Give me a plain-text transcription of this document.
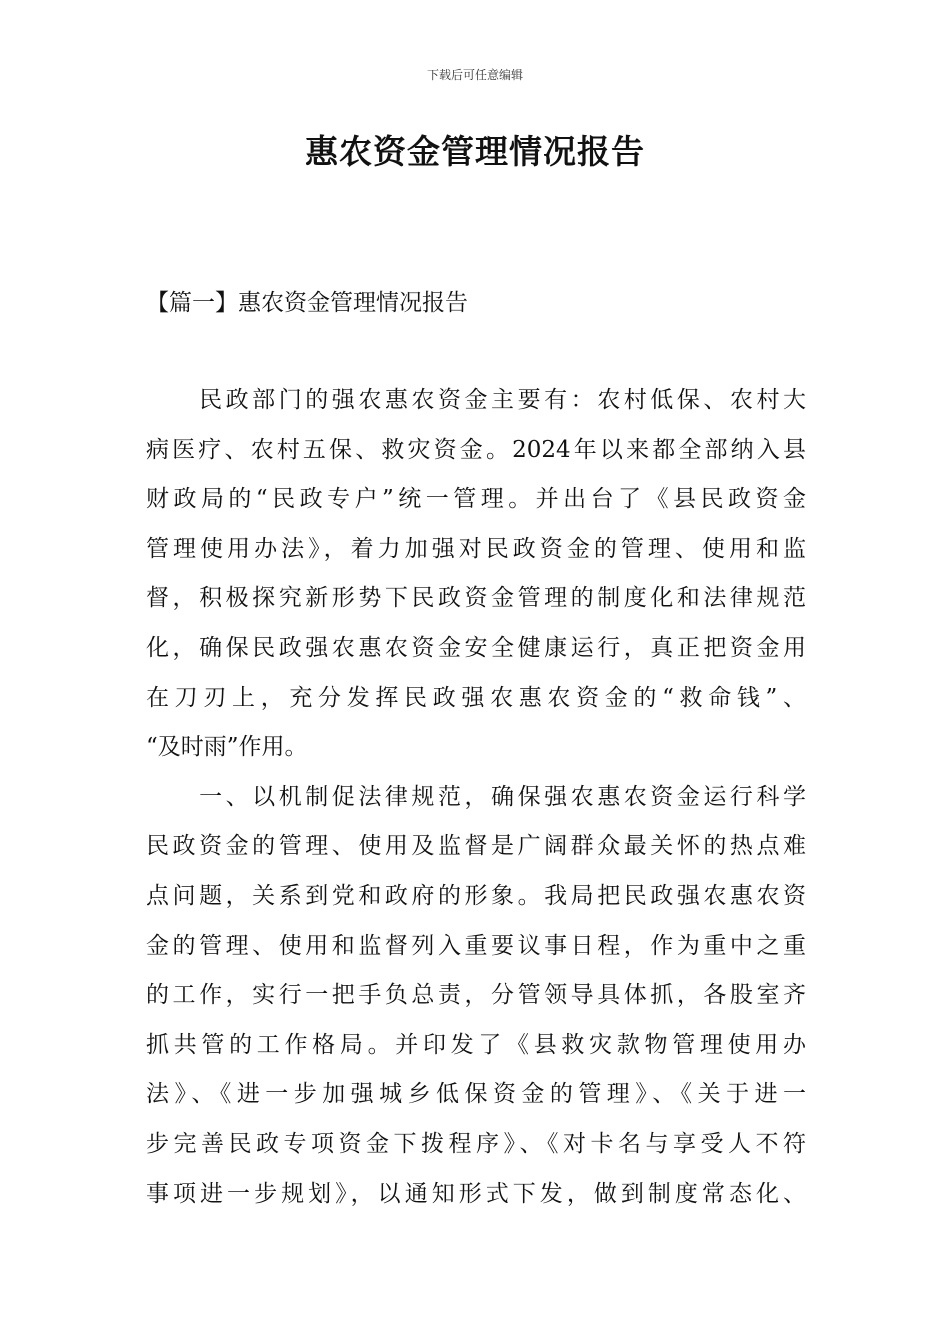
下载后可任意编辑
惠农资金管理情况报告
【篇一】惠农资金管理情况报告
　　民政部门的强农惠农资金主要有：农村低保、农村大
病医疗、农村五保、救灾资金。2024年以来都全部纳入县
财政局的“民政专户”统一管理。并出台了《县民政资金
管理使用办法》，着力加强对民政资金的管理、使用和监
督，积极探究新形势下民政资金管理的制度化和法律规范
化，确保民政强农惠农资金安全健康运行，真正把资金用
在刀刃上，充分发挥民政强农惠农资金的“救命钱”、
“及时雨”作用。
　　一、以机制促法律规范，确保强农惠农资金运行科学
民政资金的管理、使用及监督是广阔群众最关怀的热点难
点问题，关系到党和政府的形象。我局把民政强农惠农资
金的管理、使用和监督列入重要议事日程，作为重中之重
的工作，实行一把手负总责，分管领导具体抓，各股室齐
抓共管的工作格局。并印发了《县救灾款物管理使用办
法》、《进一步加强城乡低保资金的管理》、《关于进一
步完善民政专项资金下拨程序》、《对卡名与享受人不符
事项进一步规划》，以通知形式下发，做到制度常态化、
